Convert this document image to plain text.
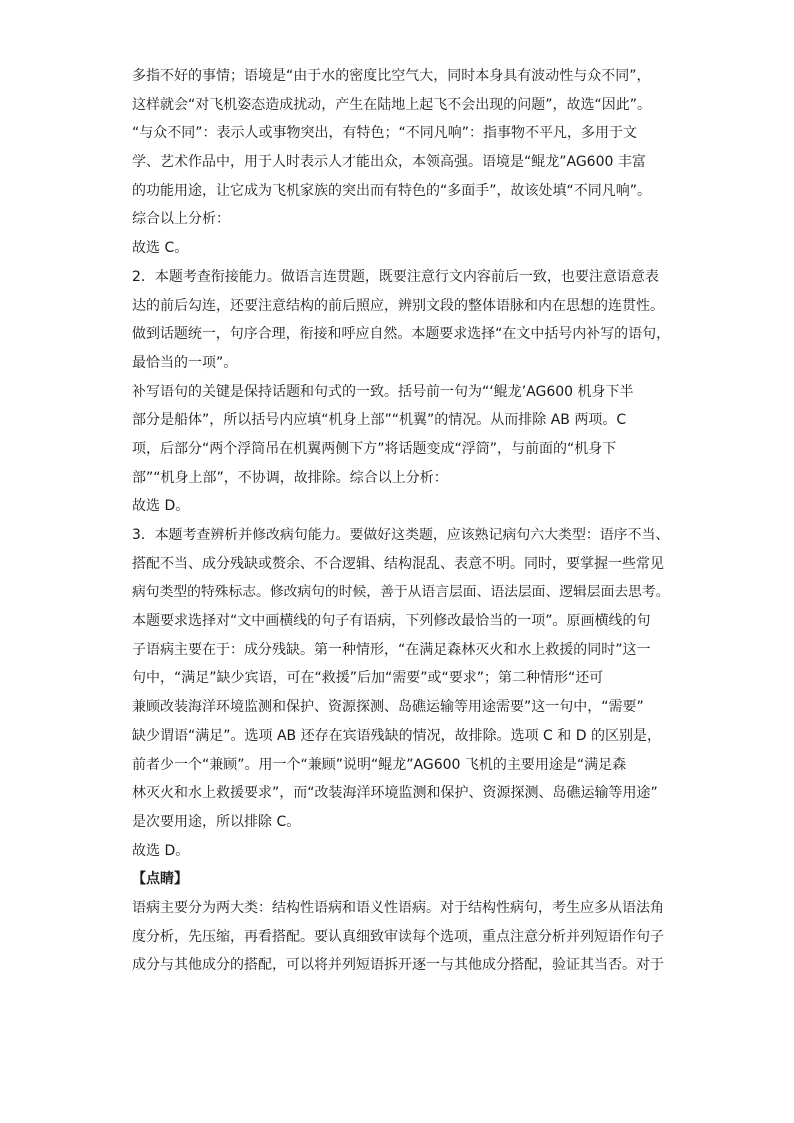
多指不好的事情；语境是“由于水的密度比空气大，同时本身具有波动性与众不同”，
这样就会“对飞机姿态造成扰动，产生在陆地上起飞不会出现的问题”，故选“因此”。
“与众不同”：表示人或事物突出，有特色；“不同凡响”：指事物不平凡，多用于文
学、艺术作品中，用于人时表示人才能出众，本领高强。语境是“鲲龙”AG600 丰富
的功能用途，让它成为飞机家族的突出而有特色的“多面手”，故该处填“不同凡响”。
综合以上分析：
故选 C。
2．本题考查衔接能力。做语言连贯题，既要注意行文内容前后一致，也要注意语意表
达的前后勾连，还要注意结构的前后照应，辨别文段的整体语脉和内在思想的连贯性。
做到话题统一，句序合理，衔接和呼应自然。本题要求选择“在文中括号内补写的语句，
最恰当的一项”。
补写语句的关键是保持话题和句式的一致。括号前一句为“‘鲲龙’AG600 机身下半
部分是船体”，所以括号内应填“机身上部”“机翼”的情况。从而排除 AB 两项。C
项，后部分“两个浮筒吊在机翼两侧下方”将话题变成“浮筒”，与前面的“机身下
部”“机身上部”，不协调，故排除。综合以上分析：
故选 D。
3．本题考查辨析并修改病句能力。要做好这类题，应该熟记病句六大类型：语序不当、
搭配不当、成分残缺或赘余、不合逻辑、结构混乱、表意不明。同时，要掌握一些常见
病句类型的特殊标志。修改病句的时候，善于从语言层面、语法层面、逻辑层面去思考。
本题要求选择对“文中画横线的句子有语病，下列修改最恰当的一项”。原画横线的句
子语病主要在于：成分残缺。第一种情形，“在满足森林灭火和水上救援的同时”这一
句中，“满足”缺少宾语，可在“救援”后加“需要”或“要求”；第二种情形“还可
兼顾改装海洋环境监测和保护、资源探测、岛礁运输等用途需要”这一句中，“需要”
缺少谓语“满足”。选项 AB 还存在宾语残缺的情况，故排除。选项 C 和 D 的区别是，
前者少一个“兼顾”。用一个“兼顾”说明“鲲龙”AG600 飞机的主要用途是“满足森
林灭火和水上救援要求”，而“改装海洋环境监测和保护、资源探测、岛礁运输等用途”
是次要用途，所以排除 C。
故选 D。
【点睛】
语病主要分为两大类：结构性语病和语义性语病。对于结构性病句，考生应多从语法角
度分析，先压缩，再看搭配。要认真细致审读每个选项，重点注意分析并列短语作句子
成分与其他成分的搭配，可以将并列短语拆开逐一与其他成分搭配，验证其当否。对于
